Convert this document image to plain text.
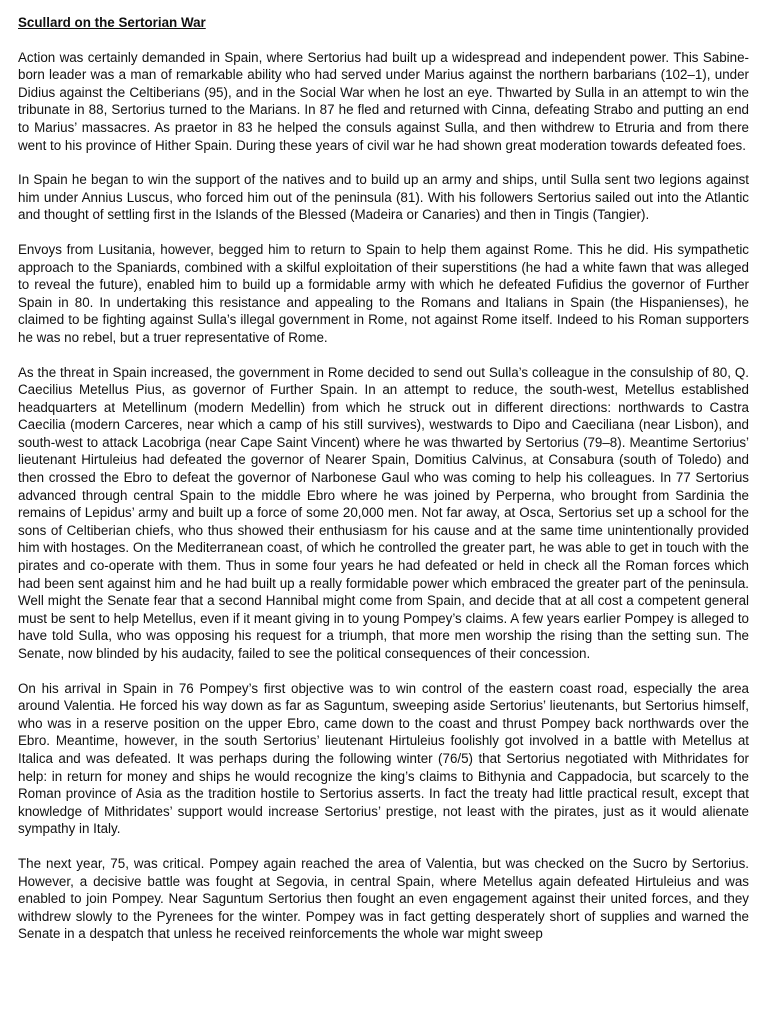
Scullard on the Sertorian War

Action was certainly demanded in Spain, where Sertorius had built up a widespread and independent power. This Sabine-born leader was a man of remarkable ability who had served under Marius against the northern barbarians (102–1), under Didius against the Celtiberians (95), and in the Social War when he lost an eye. Thwarted by Sulla in an attempt to win the tribunate in 88, Sertorius turned to the Marians. In 87 he fled and returned with Cinna, defeating Strabo and putting an end to Marius’ massacres. As praetor in 83 he helped the consuls against Sulla, and then withdrew to Etruria and from there went to his province of Hither Spain. During these years of civil war he had shown great moderation towards defeated foes.

In Spain he began to win the support of the natives and to build up an army and ships, until Sulla sent two legions against him under Annius Luscus, who forced him out of the peninsula (81). With his followers Sertorius sailed out into the Atlantic and thought of settling first in the Islands of the Blessed (Madeira or Canaries) and then in Tingis (Tangier).

Envoys from Lusitania, however, begged him to return to Spain to help them against Rome. This he did. His sympathetic approach to the Spaniards, combined with a skilful exploitation of their superstitions (he had a white fawn that was alleged to reveal the future), enabled him to build up a formidable army with which he defeated Fufidius the governor of Further Spain in 80. In undertaking this resistance and appealing to the Romans and Italians in Spain (the Hispanienses), he claimed to be fighting against Sulla’s illegal government in Rome, not against Rome itself. Indeed to his Roman supporters he was no rebel, but a truer representative of Rome.

As the threat in Spain increased, the government in Rome decided to send out Sulla’s colleague in the consulship of 80, Q. Caecilius Metellus Pius, as governor of Further Spain. In an attempt to reduce, the south-west, Metellus established headquarters at Metellinum (modern Medellin) from which he struck out in different directions: northwards to Castra Caecilia (modern Carceres, near which a camp of his still survives), westwards to Dipo and Caeciliana (near Lisbon), and south-west to attack Lacobriga (near Cape Saint Vincent) where he was thwarted by Sertorius (79–8). Meantime Sertorius’ lieutenant Hirtuleius had defeated the governor of Nearer Spain, Domitius Calvinus, at Consabura (south of Toledo) and then crossed the Ebro to defeat the governor of Narbonese Gaul who was coming to help his colleagues. In 77 Sertorius advanced through central Spain to the middle Ebro where he was joined by Perperna, who brought from Sardinia the remains of Lepidus’ army and built up a force of some 20,000 men. Not far away, at Osca, Sertorius set up a school for the sons of Celtiberian chiefs, who thus showed their enthusiasm for his cause and at the same time unintentionally provided him with hostages. On the Mediterranean coast, of which he controlled the greater part, he was able to get in touch with the pirates and co-operate with them. Thus in some four years he had defeated or held in check all the Roman forces which had been sent against him and he had built up a really formidable power which embraced the greater part of the peninsula. Well might the Senate fear that a second Hannibal might come from Spain, and decide that at all cost a competent general must be sent to help Metellus, even if it meant giving in to young Pompey’s claims. A few years earlier Pompey is alleged to have told Sulla, who was opposing his request for a triumph, that more men worship the rising than the setting sun. The Senate, now blinded by his audacity, failed to see the political consequences of their concession.

On his arrival in Spain in 76 Pompey’s first objective was to win control of the eastern coast road, especially the area around Valentia. He forced his way down as far as Saguntum, sweeping aside Sertorius’ lieutenants, but Sertorius himself, who was in a reserve position on the upper Ebro, came down to the coast and thrust Pompey back northwards over the Ebro. Meantime, however, in the south Sertorius’ lieutenant Hirtuleius foolishly got involved in a battle with Metellus at Italica and was defeated. It was perhaps during the following winter (76/5) that Sertorius negotiated with Mithridates for help: in return for money and ships he would recognize the king’s claims to Bithynia and Cappadocia, but scarcely to the Roman province of Asia as the tradition hostile to Sertorius asserts. In fact the treaty had little practical result, except that knowledge of Mithridates’ support would increase Sertorius’ prestige, not least with the pirates, just as it would alienate sympathy in Italy.

The next year, 75, was critical. Pompey again reached the area of Valentia, but was checked on the Sucro by Sertorius. However, a decisive battle was fought at Segovia, in central Spain, where Metellus again defeated Hirtuleius and was enabled to join Pompey. Near Saguntum Sertorius then fought an even engagement against their united forces, and they withdrew slowly to the Pyrenees for the winter. Pompey was in fact getting desperately short of supplies and warned the Senate in a despatch that unless he received reinforcements the whole war might sweep
